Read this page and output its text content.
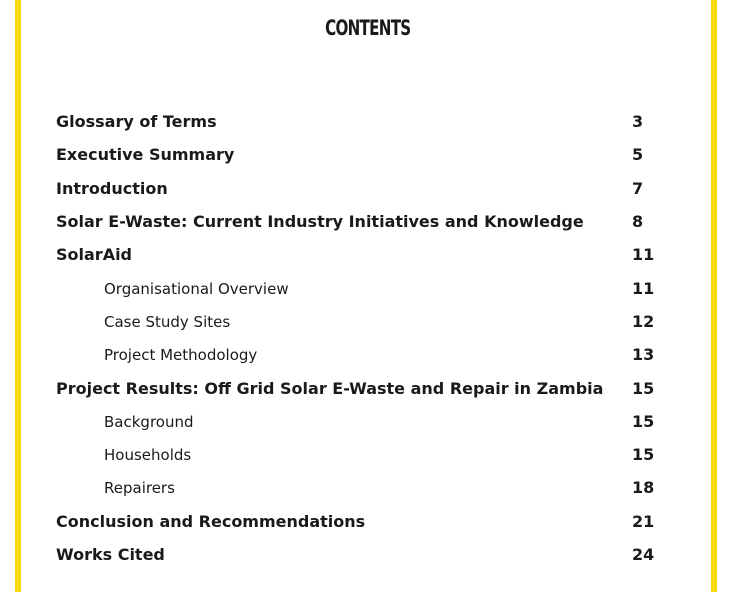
CONTENTS
Glossary of Terms	3
Executive Summary	5
Introduction	7
Solar E-Waste: Current Industry Initiatives and Knowledge	8
SolarAid	11
Organisational Overview	11
Case Study Sites	12
Project Methodology	13
Project Results: Off Grid Solar E-Waste and Repair in Zambia 15
Background	15
Households	15
Repairers	18
Conclusion and Recommendations	21
Works Cited	24
